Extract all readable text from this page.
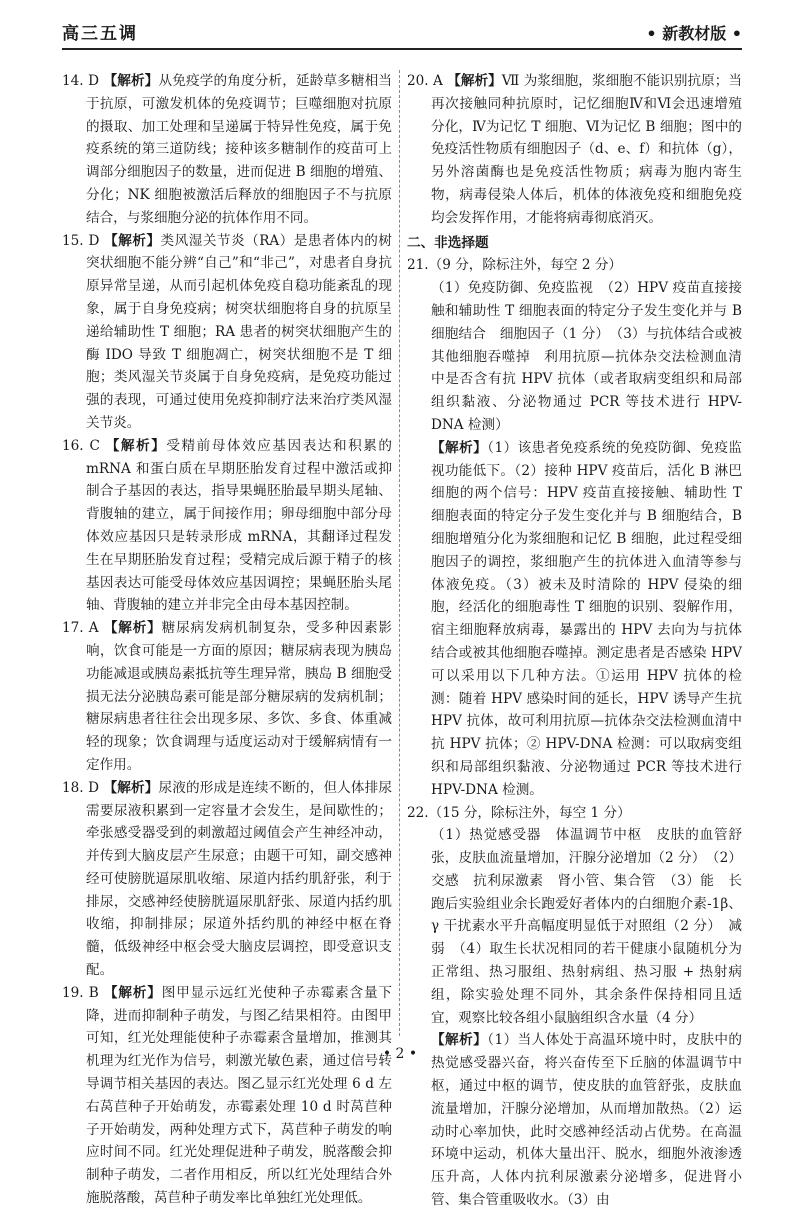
高三五调	• 新教材版 •

14. D 【解析】从免疫学的角度分析，延龄草多糖相当于抗原，可激发机体的免疫调节；巨噬细胞对抗原的摄取、加工处理和呈递属于特异性免疫，属于免疫系统的第三道防线；接种该多糖制作的疫苗可上调部分细胞因子的数量，进而促进 B 细胞的增殖、分化；NK 细胞被激活后释放的细胞因子不与抗原结合，与浆细胞分泌的抗体作用不同。

15. D 【解析】类风湿关节炎（RA）是患者体内的树突状细胞不能分辨“自己”和“非己”，对患者自身抗原异常呈递，从而引起机体免疫自稳功能紊乱的现象，属于自身免疫病；树突状细胞将自身的抗原呈递给辅助性 T 细胞；RA 患者的树突状细胞产生的酶 IDO 导致 T 细胞凋亡，树突状细胞不是 T 细胞；类风湿关节炎属于自身免疫病，是免疫功能过强的表现，可通过使用免疫抑制疗法来治疗类风湿关节炎。

16. C 【解析】受精前母体效应基因表达和积累的 mRNA 和蛋白质在早期胚胎发育过程中激活或抑制合子基因的表达，指导果蝇胚胎最早期头尾轴、背腹轴的建立，属于间接作用；卵母细胞中部分母体效应基因只是转录形成 mRNA，其翻译过程发生在早期胚胎发育过程；受精完成后源于精子的核基因表达可能受母体效应基因调控；果蝇胚胎头尾轴、背腹轴的建立并非完全由母本基因控制。

17. A 【解析】糖尿病发病机制复杂，受多种因素影响，饮食可能是一方面的原因；糖尿病表现为胰岛功能减退或胰岛素抵抗等生理异常，胰岛 B 细胞受损无法分泌胰岛素可能是部分糖尿病的发病机制；糖尿病患者往往会出现多尿、多饮、多食、体重减轻的现象；饮食调理与适度运动对于缓解病情有一定作用。

18. D 【解析】尿液的形成是连续不断的，但人体排尿需要尿液积累到一定容量才会发生，是间歇性的；牵张感受器受到的刺激超过阈值会产生神经冲动，并传到大脑皮层产生尿意；由题干可知，副交感神经可使膀胱逼尿肌收缩、尿道内括约肌舒张，利于排尿，交感神经使膀胱逼尿肌舒张、尿道内括约肌收缩，抑制排尿；尿道外括约肌的神经中枢在脊髓，低级神经中枢会受大脑皮层调控，即受意识支配。

19. B 【解析】图甲显示远红光使种子赤霉素含量下降，进而抑制种子萌发，与图乙结果相符。由图甲可知，红光处理能使种子赤霉素含量增加，推测其机理为红光作为信号，刺激光敏色素，通过信号转导调节相关基因的表达。图乙显示红光处理 6 d 左右莴苣种子开始萌发，赤霉素处理 10 d 时莴苣种子开始萌发，两种处理方式下，莴苣种子萌发的响应时间不同。红光处理促进种子萌发，脱落酸会抑制种子萌发，二者作用相反，所以红光处理结合外施脱落酸，莴苣种子萌发率比单独红光处理低。

20. A 【解析】Ⅶ 为浆细胞，浆细胞不能识别抗原；当再次接触同种抗原时，记忆细胞Ⅳ和Ⅵ会迅速增殖分化，Ⅳ为记忆 T 细胞、Ⅵ为记忆 B 细胞；图中的免疫活性物质有细胞因子（d、e、f）和抗体（g），另外溶菌酶也是免疫活性物质；病毒为胞内寄生物，病毒侵染人体后，机体的体液免疫和细胞免疫均会发挥作用，才能将病毒彻底消灭。

二、非选择题

21.（9 分，除标注外，每空 2 分）

（1）免疫防御、免疫监视　（2）HPV 疫苗直接接触和辅助性 T 细胞表面的特定分子发生变化并与 B 细胞结合　细胞因子（1 分）　（3）与抗体结合或被其他细胞吞噬掉　利用抗原—抗体杂交法检测血清中是否含有抗 HPV 抗体（或者取病变组织和局部组织黏液、分泌物通过 PCR 等技术进行 HPV-DNA 检测）

【解析】（1）该患者免疫系统的免疫防御、免疫监视功能低下。（2）接种 HPV 疫苗后，活化 B 淋巴细胞的两个信号：HPV 疫苗直接接触、辅助性 T 细胞表面的特定分子发生变化并与 B 细胞结合，B 细胞增殖分化为浆细胞和记忆 B 细胞，此过程受细胞因子的调控，浆细胞产生的抗体进入血清等参与体液免疫。（3）被未及时清除的 HPV 侵染的细胞，经活化的细胞毒性 T 细胞的识别、裂解作用，宿主细胞释放病毒，暴露出的 HPV 去向为与抗体结合或被其他细胞吞噬掉。测定患者是否感染 HPV 可以采用以下几种方法。①运用 HPV 抗体的检测：随着 HPV 感染时间的延长，HPV 诱导产生抗 HPV 抗体，故可利用抗原—抗体杂交法检测血清中抗 HPV 抗体；② HPV-DNA 检测：可以取病变组织和局部组织黏液、分泌物通过 PCR 等技术进行 HPV-DNA 检测。

22.（15 分，除标注外，每空 1 分）

（1）热觉感受器　体温调节中枢　皮肤的血管舒张，皮肤血流量增加，汗腺分泌增加（2 分）　（2）交感　抗利尿激素　肾小管、集合管　（3）能　长跑后实验组业余长跑爱好者体内的白细胞介素-1β、γ 干扰素水平升高幅度明显低于对照组（2 分）　减弱　（4）取生长状况相同的若干健康小鼠随机分为正常组、热习服组、热射病组、热习服 + 热射病组，除实验处理不同外，其余条件保持相同且适宜，观察比较各组小鼠脑组织含水量（4 分）

【解析】（1）当人体处于高温环境中时，皮肤中的热觉感受器兴奋，将兴奋传至下丘脑的体温调节中枢，通过中枢的调节，使皮肤的血管舒张，皮肤血流量增加，汗腺分泌增加，从而增加散热。（2）运动时心率加快，此时交感神经活动占优势。在高温环境中运动，机体大量出汗、脱水，细胞外液渗透压升高，人体内抗利尿激素分泌增多，促进肾小管、集合管重吸收水。（3）由

• 2 •
